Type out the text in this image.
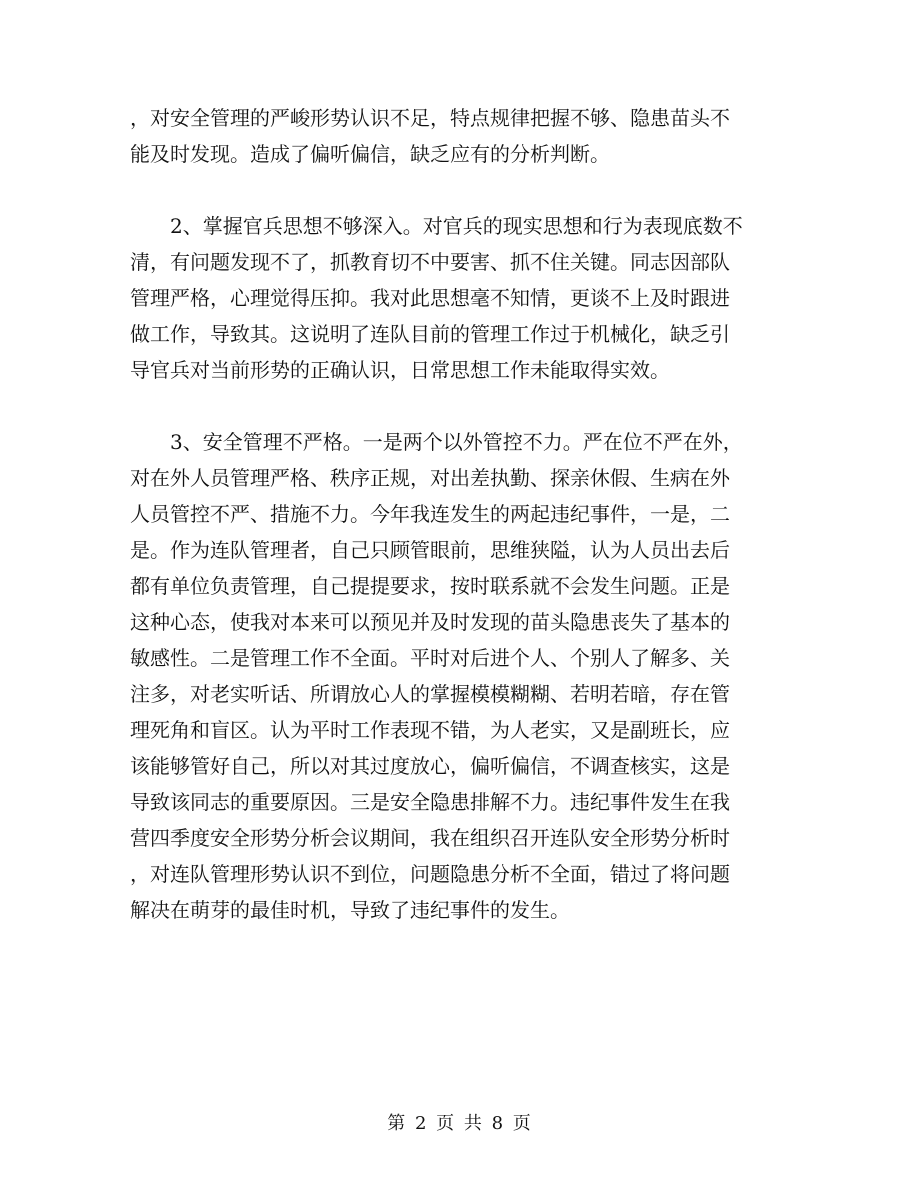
，对安全管理的严峻形势认识不足，特点规律把握不够、隐患苗头不
能及时发现。造成了偏听偏信，缺乏应有的分析判断。
　　2、掌握官兵思想不够深入。对官兵的现实思想和行为表现底数不
清，有问题发现不了，抓教育切不中要害、抓不住关键。同志因部队
管理严格，心理觉得压抑。我对此思想毫不知情，更谈不上及时跟进
做工作，导致其。这说明了连队目前的管理工作过于机械化，缺乏引
导官兵对当前形势的正确认识，日常思想工作未能取得实效。
　　3、安全管理不严格。一是两个以外管控不力。严在位不严在外，
对在外人员管理严格、秩序正规，对出差执勤、探亲休假、生病在外
人员管控不严、措施不力。今年我连发生的两起违纪事件，一是，二
是。作为连队管理者，自己只顾管眼前，思维狭隘，认为人员出去后
都有单位负责管理，自己提提要求，按时联系就不会发生问题。正是
这种心态，使我对本来可以预见并及时发现的苗头隐患丧失了基本的
敏感性。二是管理工作不全面。平时对后进个人、个别人了解多、关
注多，对老实听话、所谓放心人的掌握模模糊糊、若明若暗，存在管
理死角和盲区。认为平时工作表现不错，为人老实，又是副班长，应
该能够管好自己，所以对其过度放心，偏听偏信，不调查核实，这是
导致该同志的重要原因。三是安全隐患排解不力。违纪事件发生在我
营四季度安全形势分析会议期间，我在组织召开连队安全形势分析时
，对连队管理形势认识不到位，问题隐患分析不全面，错过了将问题
解决在萌芽的最佳时机，导致了违纪事件的发生。
第 2 页 共 8 页
